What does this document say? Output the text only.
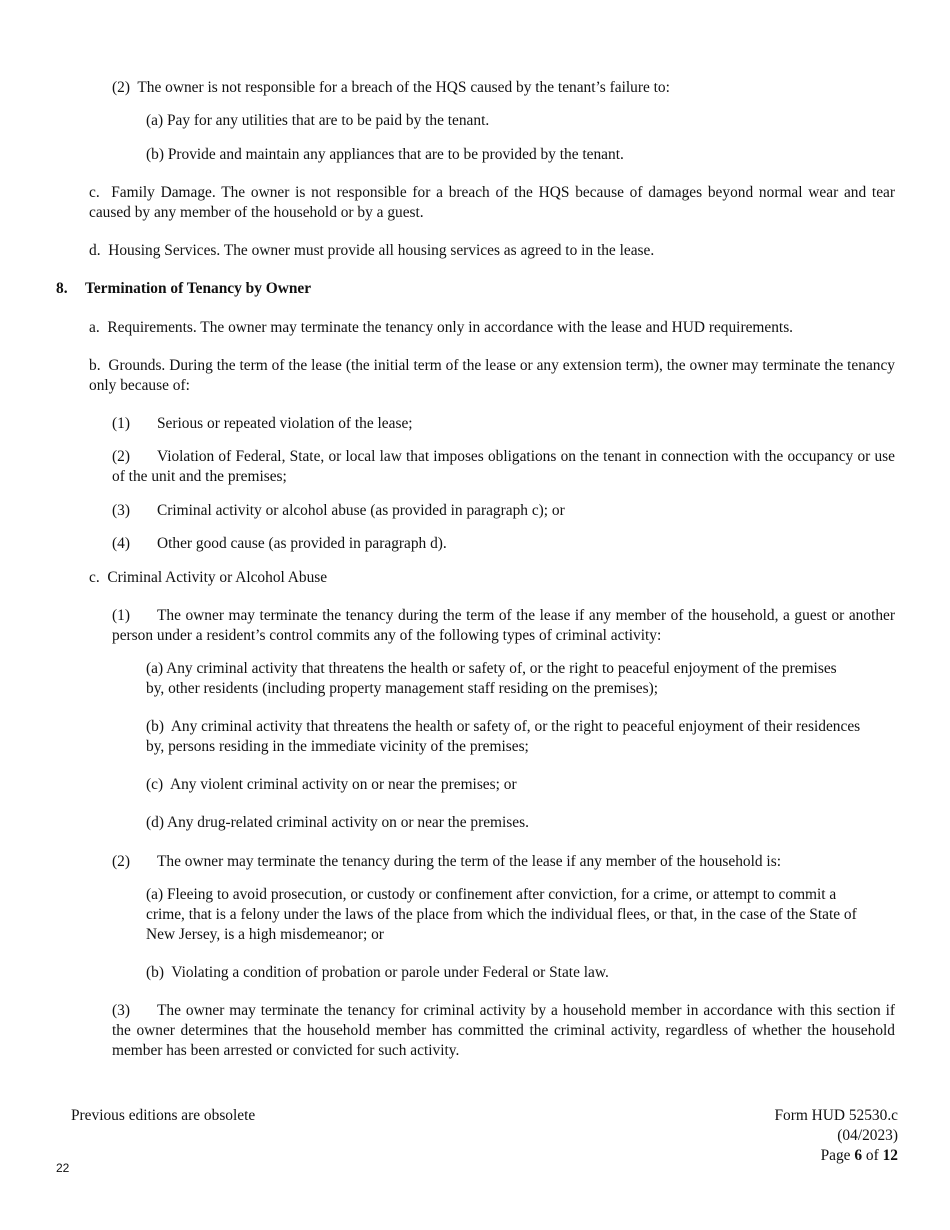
(2) The owner is not responsible for a breach of the HQS caused by the tenant’s failure to:

(a) Pay for any utilities that are to be paid by the tenant.

(b) Provide and maintain any appliances that are to be provided by the tenant.

c. Family Damage. The owner is not responsible for a breach of the HQS because of damages beyond normal wear and tear caused by any member of the household or by a guest.

d. Housing Services. The owner must provide all housing services as agreed to in the lease.

8. Termination of Tenancy by Owner

a. Requirements. The owner may terminate the tenancy only in accordance with the lease and HUD requirements.

b. Grounds. During the term of the lease (the initial term of the lease or any extension term), the owner may terminate the tenancy only because of:

(1) Serious or repeated violation of the lease;

(2) Violation of Federal, State, or local law that imposes obligations on the tenant in connection with the occupancy or use of the unit and the premises;

(3) Criminal activity or alcohol abuse (as provided in paragraph c); or

(4) Other good cause (as provided in paragraph d).

c. Criminal Activity or Alcohol Abuse

(1) The owner may terminate the tenancy during the term of the lease if any member of the household, a guest or another person under a resident’s control commits any of the following types of criminal activity:

(a) Any criminal activity that threatens the health or safety of, or the right to peaceful enjoyment of the premises by, other residents (including property management staff residing on the premises);

(b) Any criminal activity that threatens the health or safety of, or the right to peaceful enjoyment of their residences by, persons residing in the immediate vicinity of the premises;

(c) Any violent criminal activity on or near the premises; or

(d) Any drug-related criminal activity on or near the premises.

(2) The owner may terminate the tenancy during the term of the lease if any member of the household is:

(a) Fleeing to avoid prosecution, or custody or confinement after conviction, for a crime, or attempt to commit a crime, that is a felony under the laws of the place from which the individual flees, or that, in the case of the State of New Jersey, is a high misdemeanor; or

(b) Violating a condition of probation or parole under Federal or State law.

(3) The owner may terminate the tenancy for criminal activity by a household member in accordance with this section if the owner determines that the household member has committed the criminal activity, regardless of whether the household member has been arrested or convicted for such activity.

Previous editions are obsolete	Form HUD 52530.c
(04/2023)
Page 6 of 12
22
